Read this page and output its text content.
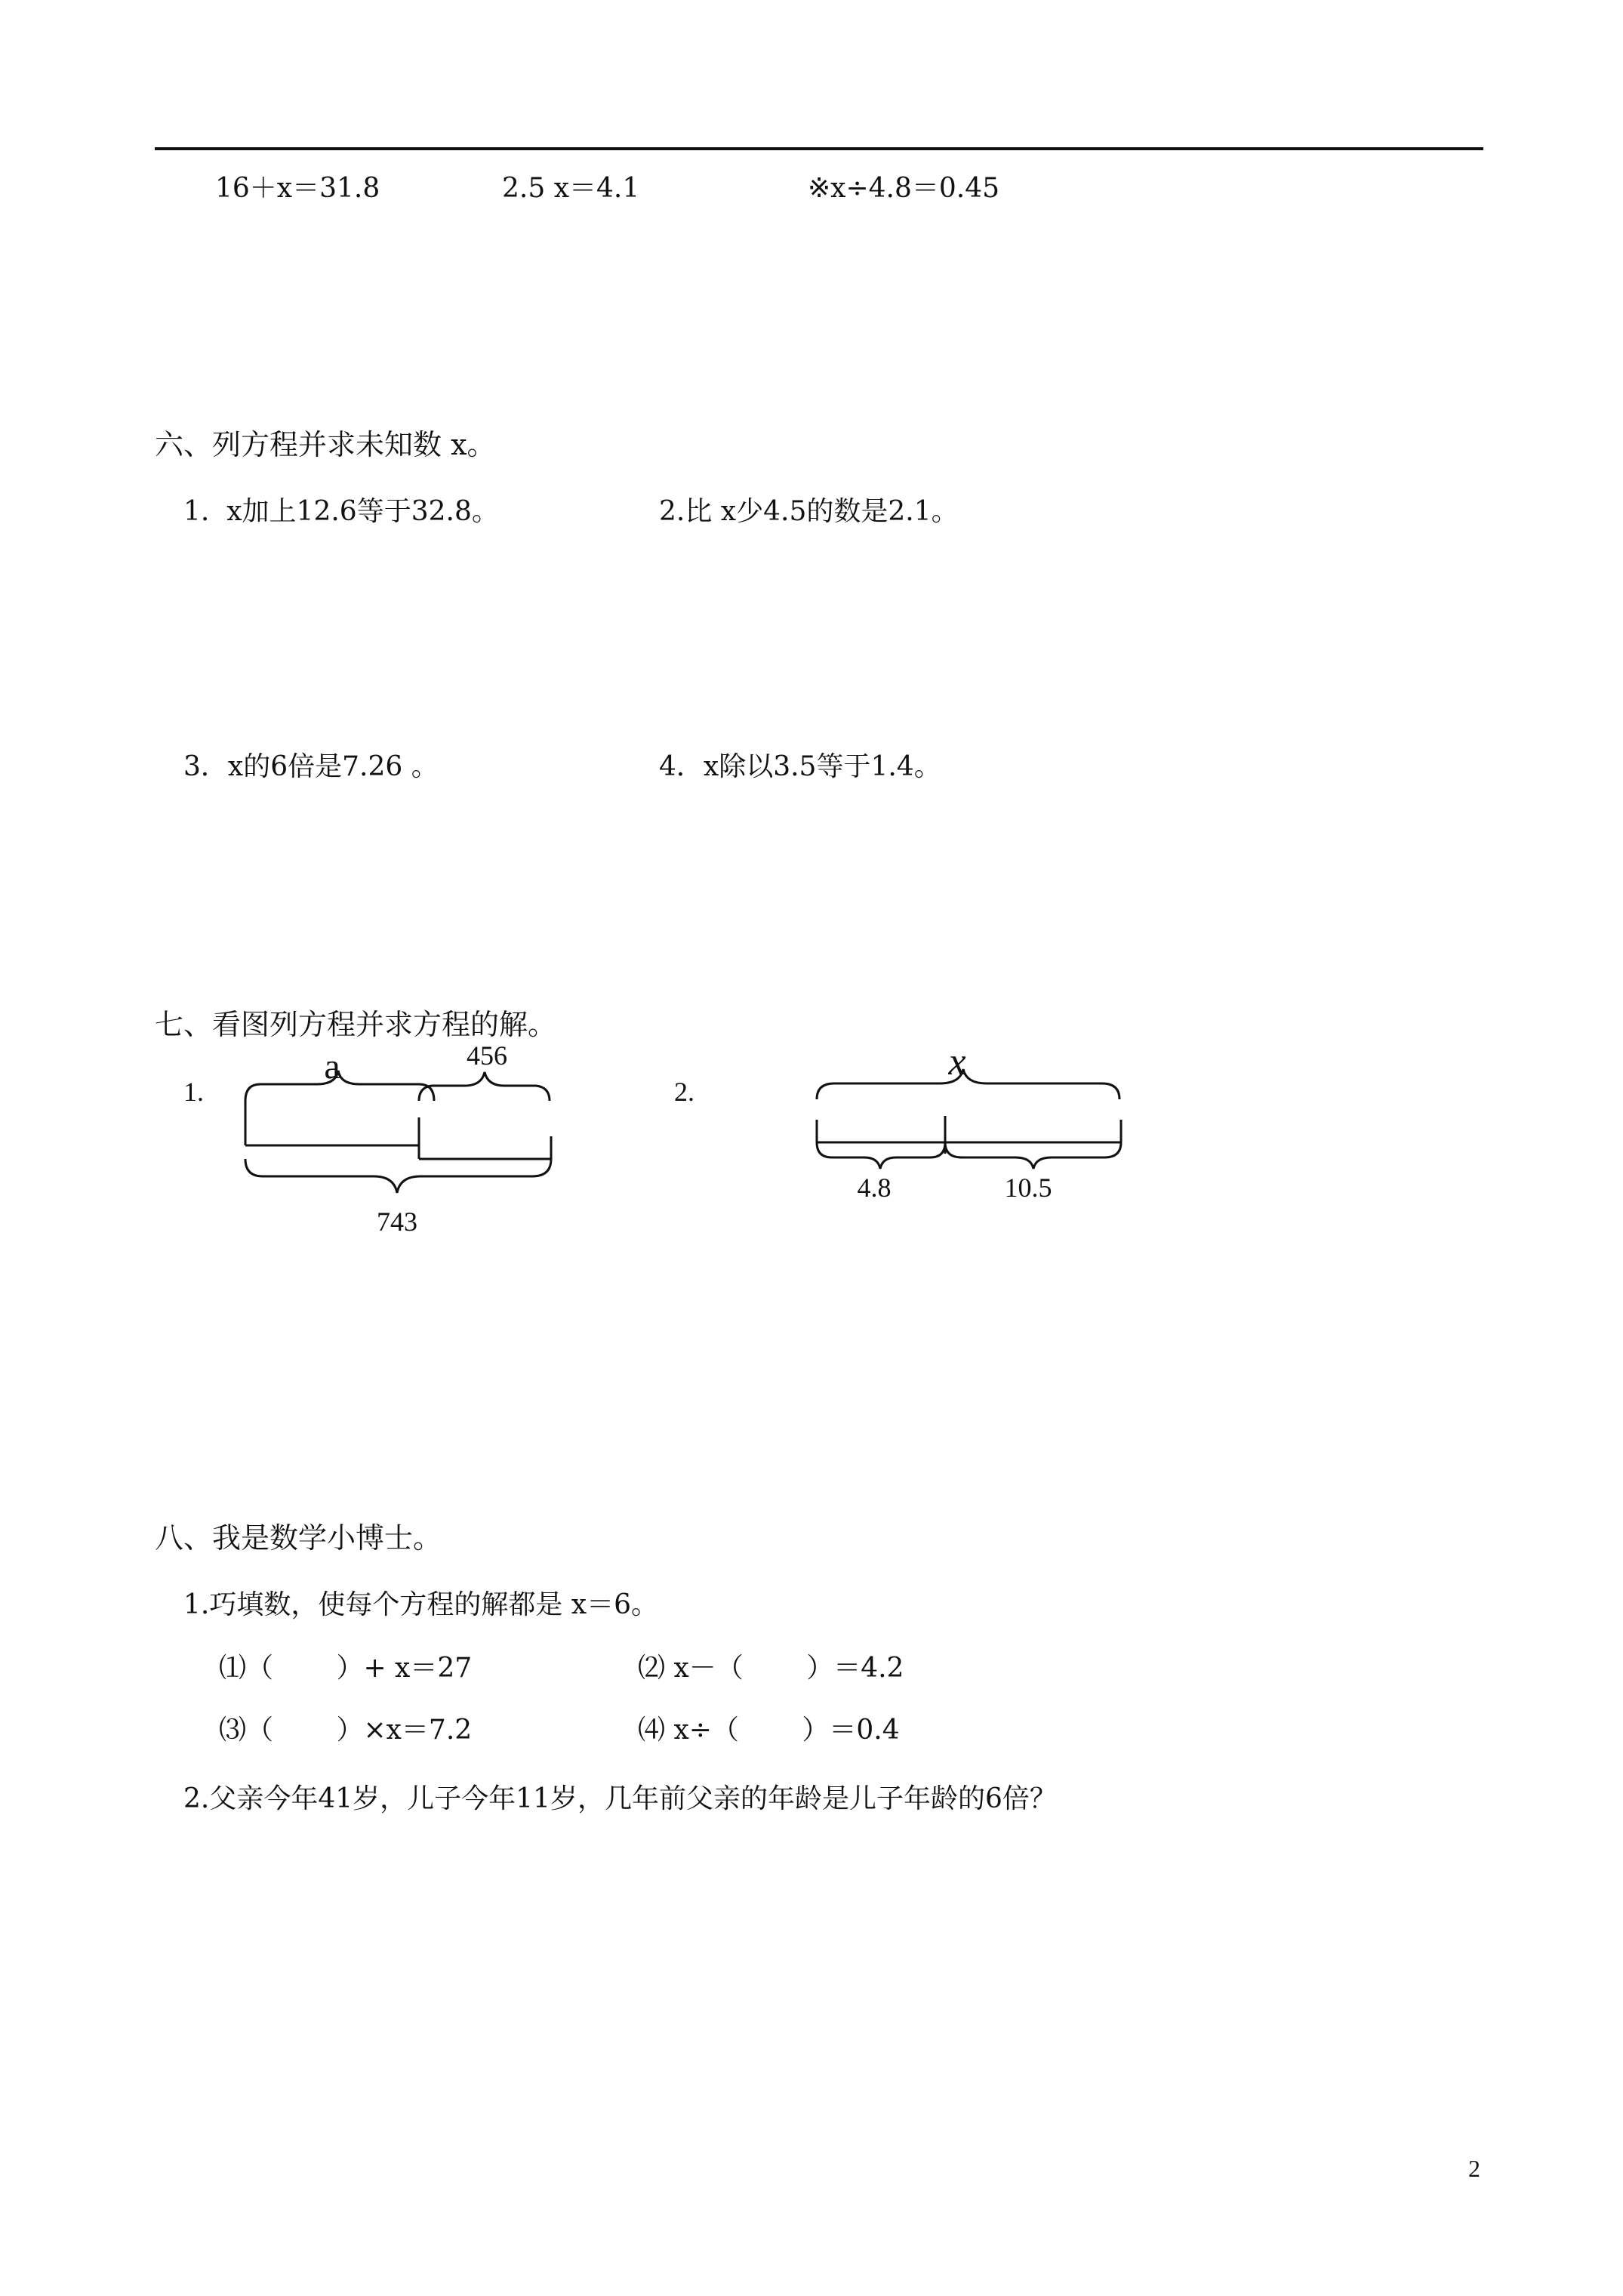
16＋x＝31.8	2.5 x＝4.1	※x÷4.8＝0.45
六、列方程并求未知数 x。
1.  x加上12.6等于32.8。	2.比 x少4.5的数是2.1。
3．x的6倍是7.26 。	4．x除以3.5等于1.4。
七、看图列方程并求方程的解。
1.	2.
a	456
743
x
4.8	10.5
八、我是数学小博士。
1.巧填数，使每个方程的解都是 x＝6。
⑴（　　 ）+ x＝27	⑵ x－（　　 ）＝4.2
⑶（　　 ）×x＝7.2	⑷ x÷（　　 ）＝0.4
2.父亲今年41岁，儿子今年11岁，几年前父亲的年龄是儿子年龄的6倍？
2
